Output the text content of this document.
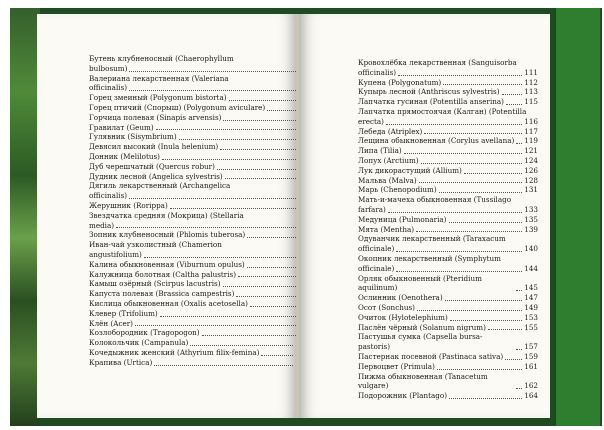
Бутень клубненосный (Chaerophyllum
bulbosum)
Валериана лекарственная (Valeriana
officinalis)
Горец змеиный (Polygonum bistorta)
Горец птичий (Спорыш) (Polygonum aviculare)
Горчица полевая (Sinapis arvensis)
Гравилат (Geum)
Гулявник (Sisymbrium)
Девясил высокий (Inula helenium)
Донник (Melilotus)
Дуб черешчатый (Quercus robur)
Дудник лесной (Angelica sylvestris)
Дягиль лекарственный (Archangelica
officinalis)
Жерушник (Rorippa)
Звездчатка средняя (Мокрица) (Stellaria
media)
Зопник клубненосный (Phlomis tuberosa)
Иван-чай узколистный (Chamerion
angustifolium)
Калина обыкновенная (Viburnum opulus)
Калужница болотная (Caltha palustris)
Камыш озёрный (Scirpus lacustris)
Капуста полевая (Brassica campestris)
Кислица обыкновенная (Oxalis acetosella)
Клевер (Trifolium)
Клён (Acer)
Козлобородник (Tragopogon)
Колокольчик (Campanula)
Кочедыжник женский (Athyrium filix-femina)
Крапива (Urtica)
Кровохлёбка лекарственная (Sanguisorba
officinalis)	111
Купена (Polygonatum)	112
Купырь лесной (Anthriscus sylvestris)	113
Лапчатка гусиная (Potentilla anserina)	115
Лапчатка прямостоячая (Калган) (Potentilla
erecta)	116
Лебеда (Atriplex)	117
Лещина обыкновенная (Corylus avellana) 119
Липа (Tilia)	121
Лопух (Arctium)	124
Лук дикорастущий (Allium)	126
Мальва (Malva)	128
Марь (Chenopodium)	131
Мать-и-мачеха обыкновенная (Tussilago
farfara)	133
Медуница (Pulmonaria)	135
Мята (Mentha)	139
Одуванчик лекарственный (Taraxacum
officinale)	140
Окопник лекарственный (Symphytum
officinale)	144
Орляк обыкновенный (Pteridium aquilinum)	145
Ослинник (Oenothera)	147
Осот (Sonchus)	149
Очиток (Hylotelephium)	153
Паслён чёрный (Solanum nigrum)	155
Пастушья сумка (Capsella bursa-pastoris)	157
Пастернак посевной (Pastinaca sativa)	159
Первоцвет (Primula)	161
Пижма обыкновенная (Tanacetum vulgare)	162
Подорожник (Plantago)	164
